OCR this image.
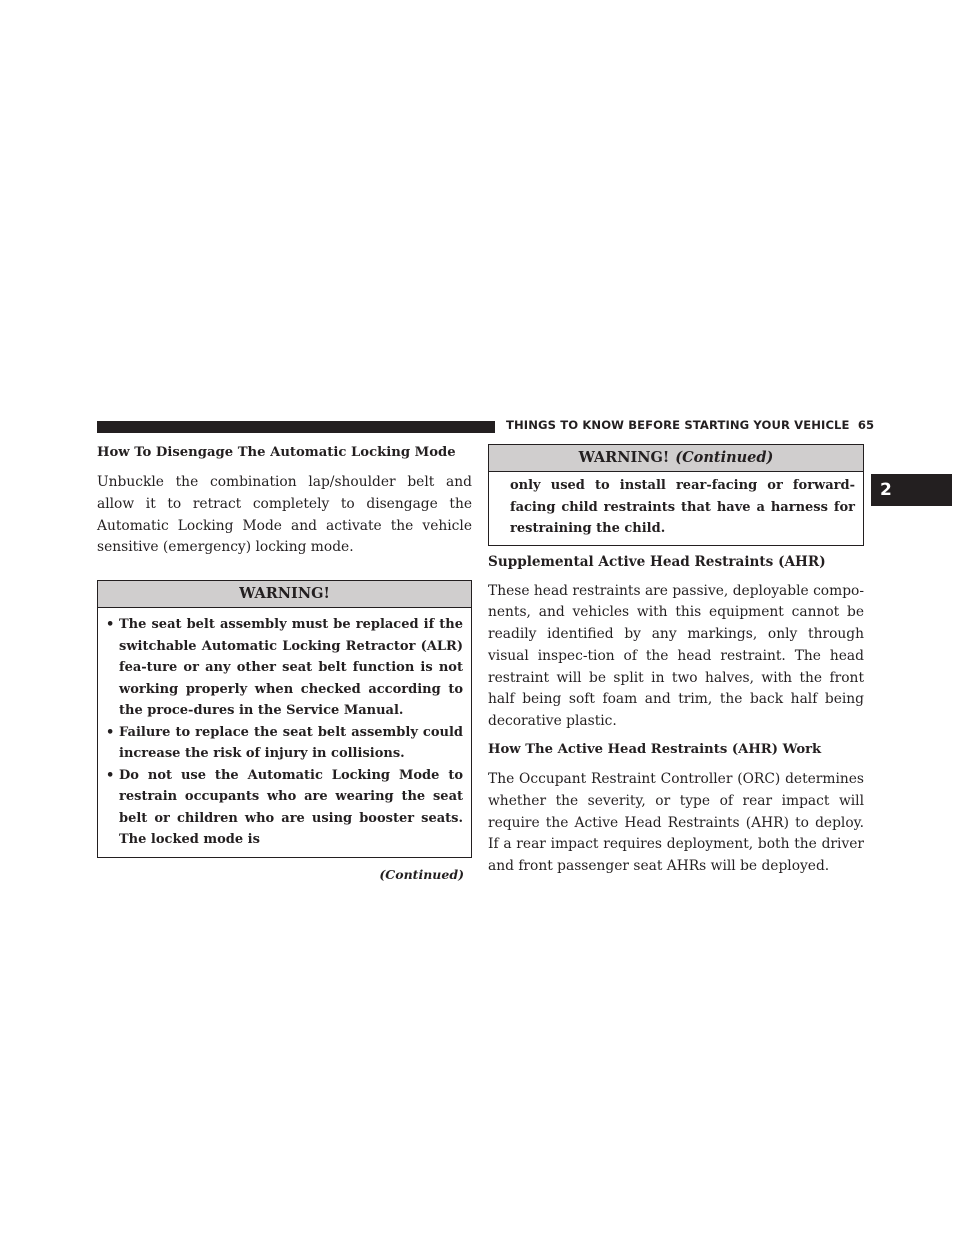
THINGS TO KNOW BEFORE STARTING YOUR VEHICLE 65
2
How To Disengage The Automatic Locking Mode

Unbuckle the combination lap/shoulder belt and allow it to retract completely to disengage the Automatic Locking Mode and activate the vehicle sensitive (emergency) locking mode.

WARNING!
• The seat belt assembly must be replaced if the switchable Automatic Locking Retractor (ALR) fea-ture or any other seat belt function is not working properly when checked according to the proce-dures in the Service Manual.
• Failure to replace the seat belt assembly could increase the risk of injury in collisions.
• Do not use the Automatic Locking Mode to restrain occupants who are wearing the seat belt or children who are using booster seats. The locked mode is
(Continued)
WARNING! (Continued)
only used to install rear-facing or forward-facing child restraints that have a harness for restraining the child.
Supplemental Active Head Restraints (AHR)

These head restraints are passive, deployable compo-nents, and vehicles with this equipment cannot be readily identified by any markings, only through visual inspec-tion of the head restraint. The head restraint will be split in two halves, with the front half being soft foam and trim, the back half being decorative plastic.

How The Active Head Restraints (AHR) Work

The Occupant Restraint Controller (ORC) determines whether the severity, or type of rear impact will require the Active Head Restraints (AHR) to deploy. If a rear impact requires deployment, both the driver and front passenger seat AHRs will be deployed.
